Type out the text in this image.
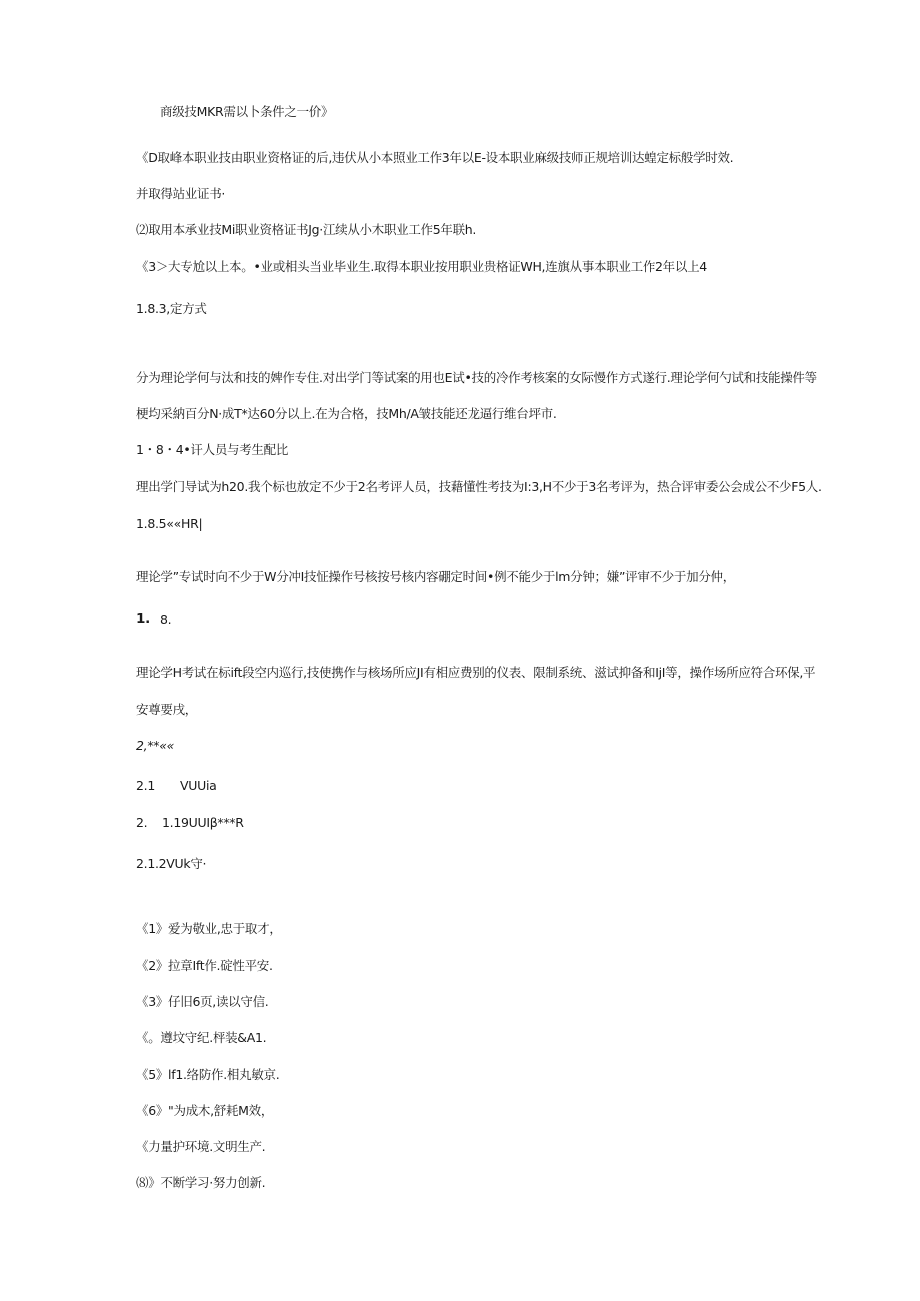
商级技MKR需以卜条件之一价》
《D取峰本职业技由职业资格证的后,违伏从小本照业工作3年以E-设本职业麻级技师正规培训达蝗定标般学时效.
并取得站业证书·
⑵取用本承业技Mi职业资格证书Jg·江续从小木职业工作5年联h.
《3＞大专尬以上本。•业或相头当业毕业生.取得本职业按用职业贵格证WH,连旗从事本职业工作2年以上4
1.8.3,定方式
分为理论学何与汰和技的婢作专住.对出学门等试案的用也E试•技的冷作考核案的女际慢作方式遂行.理论学何勺试和技能操件等
梗均采納百分N·成T*达60分以上.在为合格，技Mh/A皱技能还龙逼行维台坪市.
1・8・4•讦人员与考生配比
理出学门导试为h20.我个标也放定不少于2名考评人员，技藉懂性考技为I:3,H不少于3名考评为，热合评审委公会成公不少F5人.
1.8.5««HR|
理论学”专试时向不少于W分冲I技怔操作号核按号核内容硼定时间•例不能少于lm分钟；嫌”评审不少于加分仲，
1. 8.
理论学H考试在标ift段空内巡行,技使携作与核场所应JI有相应费别的仪表、限制系统、滋试抑备和IjI等，操作场所应符合环保,平
安尊要戌，
2,**««
2.1 VUUia
2. 1.19UUIβ***R
2.1.2VUk守·
《1》爱为敬业,忠于取才，
《2》拉章Ift作.碇性平安.
《3》仔旧6页,读以守信.
《。遵坟守纪.枰装&A1.
《5》lf1.络防作.相丸敏京.
《6》"为成木,舒耗M效，
《力量护环境.文明生产.
⑻》不断学习·努力创新.
